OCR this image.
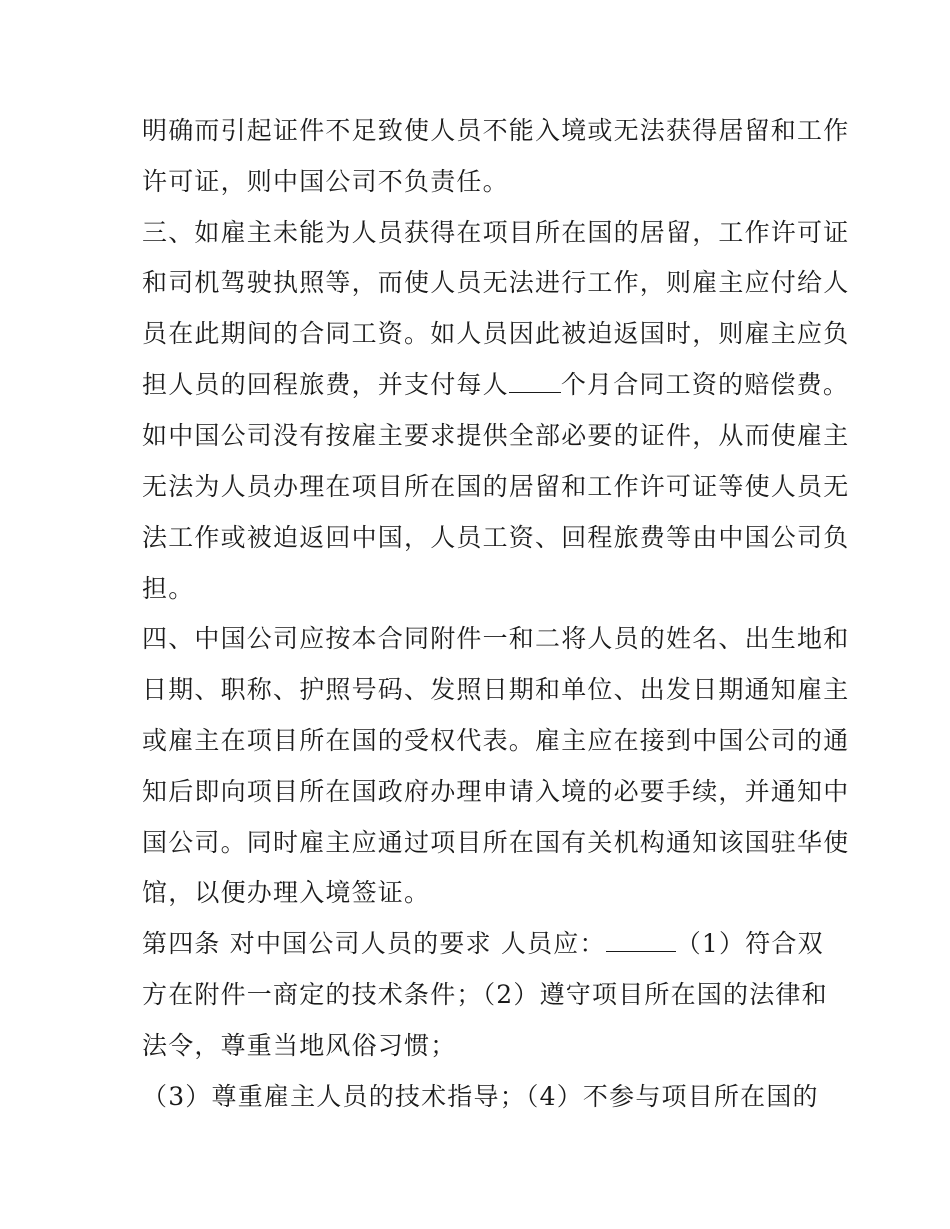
明确而引起证件不足致使人员不能入境或无法获得居留和工作
许可证，则中国公司不负责任。
三、如雇主未能为人员获得在项目所在国的居留，工作许可证
和司机驾驶执照等，而使人员无法进行工作，则雇主应付给人
员在此期间的合同工资。如人员因此被迫返国时，则雇主应负
担人员的回程旅费，并支付每人 个月合同工资的赔偿费。
如中国公司没有按雇主要求提供全部必要的证件，从而使雇主
无法为人员办理在项目所在国的居留和工作许可证等使人员无
法工作或被迫返回中国，人员工资、回程旅费等由中国公司负
担。
四、中国公司应按本合同附件一和二将人员的姓名、出生地和
日期、职称、护照号码、发照日期和单位、出发日期通知雇主
或雇主在项目所在国的受权代表。雇主应在接到中国公司的通
知后即向项目所在国政府办理申请入境的必要手续，并通知中
国公司。同时雇主应通过项目所在国有关机构通知该国驻华使
馆，以便办理入境签证。
第四条 对中国公司人员的要求 人员应：	（1）符合双
方在附件一商定的技术条件；（2）遵守项目所在国的法律和
法令，尊重当地风俗习惯；
（3）尊重雇主人员的技术指导；（4）不参与项目所在国的
